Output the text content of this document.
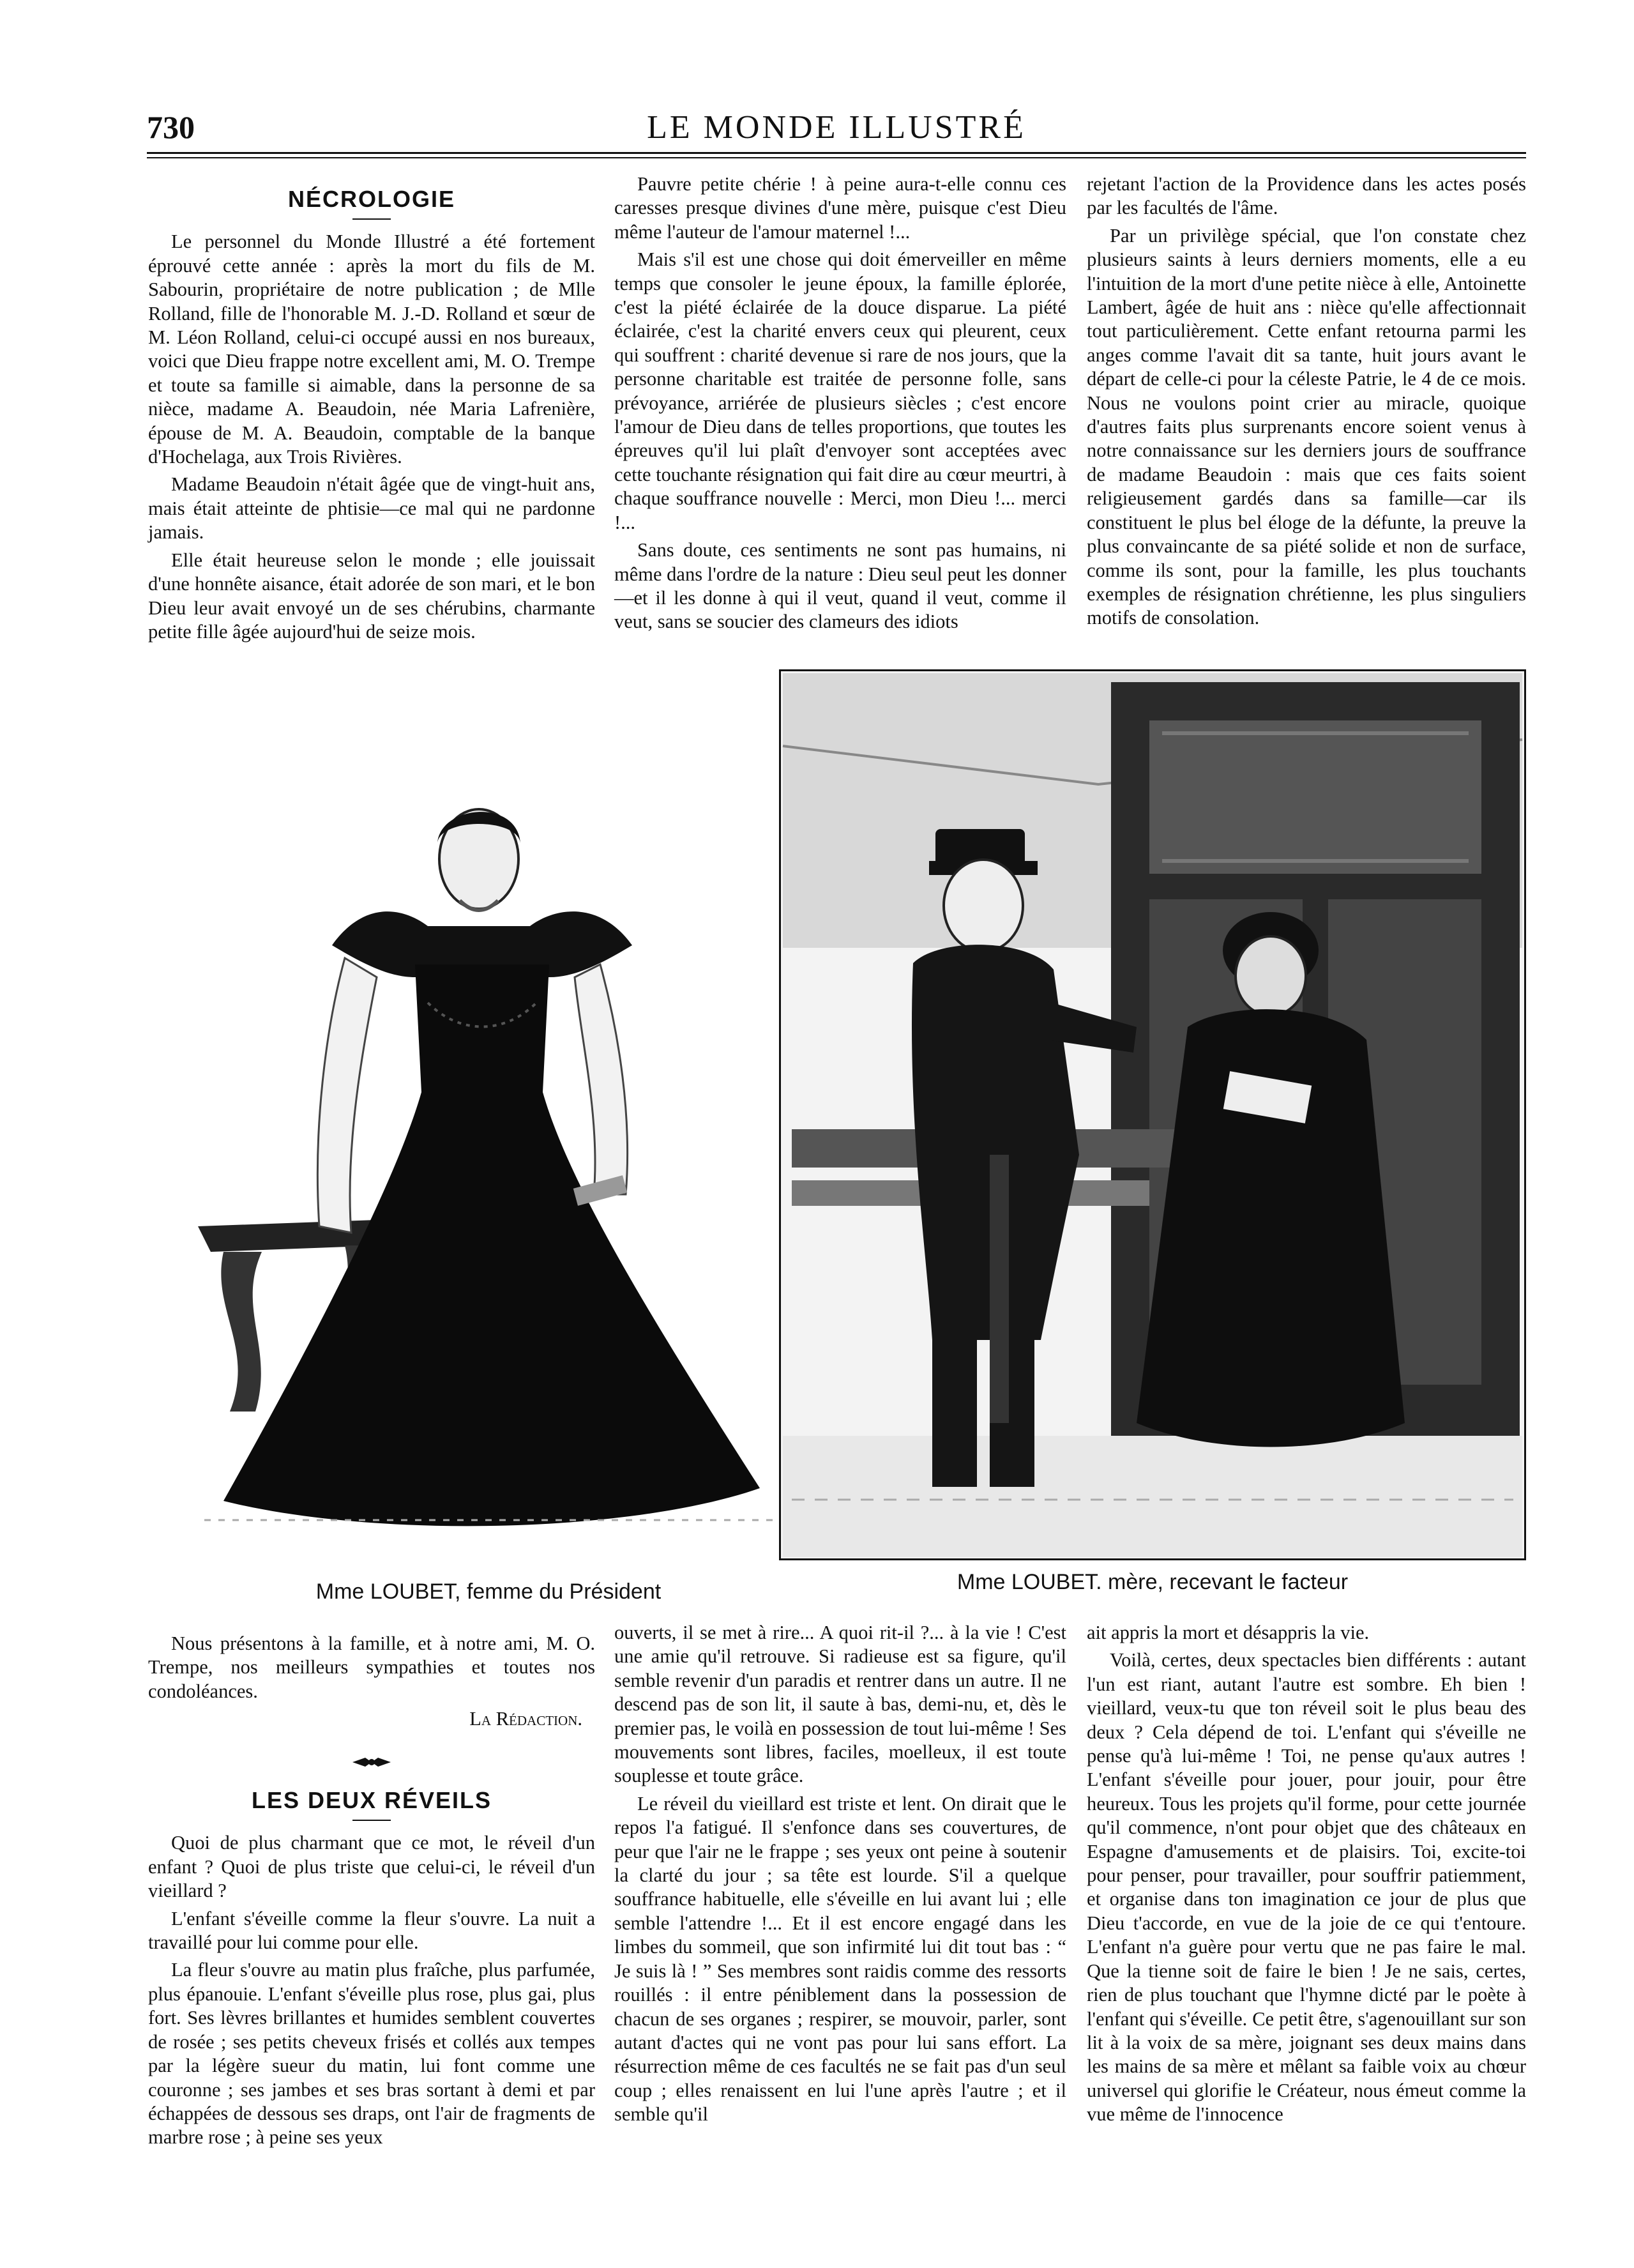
730	LE MONDE ILLUSTRÉ
NÉCROLOGIE

Le personnel du Monde Illustré a été fortement éprouvé cette année : après la mort du fils de M. Sabourin, propriétaire de notre publication ; de Mlle Rolland, fille de l'honorable M. J.-D. Rolland et sœur de M. Léon Rolland, celui-ci occupé aussi en nos bureaux, voici que Dieu frappe notre excellent ami, M. O. Trempe et toute sa famille si aimable, dans la personne de sa nièce, madame A. Beaudoin, née Maria Lafrenière, épouse de M. A. Beaudoin, comptable de la banque d'Hochelaga, aux Trois Rivières.

Madame Beaudoin n'était âgée que de vingt-huit ans, mais était atteinte de phtisie—ce mal qui ne pardonne jamais.

Elle était heureuse selon le monde ; elle jouissait d'une honnête aisance, était adorée de son mari, et le bon Dieu leur avait envoyé un de ses chérubins, charmante petite fille âgée aujourd'hui de seize mois.

Pauvre petite chérie ! à peine aura-t-elle connu ces caresses presque divines d'une mère, puisque c'est Dieu même l'auteur de l'amour maternel !...

Mais s'il est une chose qui doit émerveiller en même temps que consoler le jeune époux, la famille éplorée, c'est la piété éclairée de la douce disparue. La piété éclairée, c'est la charité envers ceux qui pleurent, ceux qui souffrent : charité devenue si rare de nos jours, que la personne charitable est traitée de personne folle, sans prévoyance, arriérée de plusieurs siècles ; c'est encore l'amour de Dieu dans de telles proportions, que toutes les épreuves qu'il lui plaît d'envoyer sont acceptées avec cette touchante résignation qui fait dire au cœur meurtri, à chaque souffrance nouvelle : Merci, mon Dieu !... merci !...

Sans doute, ces sentiments ne sont pas humains, ni même dans l'ordre de la nature : Dieu seul peut les donner—et il les donne à qui il veut, quand il veut, comme il veut, sans se soucier des clameurs des idiots

rejetant l'action de la Providence dans les actes posés par les facultés de l'âme.

Par un privilège spécial, que l'on constate chez plusieurs saints à leurs derniers moments, elle a eu l'intuition de la mort d'une petite nièce à elle, Antoinette Lambert, âgée de huit ans : nièce qu'elle affectionnait tout particulièrement. Cette enfant retourna parmi les anges comme l'avait dit sa tante, huit jours avant le départ de celle-ci pour la céleste Patrie, le 4 de ce mois. Nous ne voulons point crier au miracle, quoique d'autres faits plus surprenants encore soient venus à notre connaissance sur les derniers jours de souffrance de madame Beaudoin : mais que ces faits soient religieusement gardés dans sa famille—car ils constituent le plus bel éloge de la défunte, la preuve la plus convaincante de sa piété solide et non de surface, comme ils sont, pour la famille, les plus touchants exemples de résignation chrétienne, les plus singuliers motifs de consolation.

Mme LOUBET, femme du Président	Mme LOUBET. mère, recevant le facteur

Nous présentons à la famille, et à notre ami, M. O. Trempe, nos meilleurs sympathies et toutes nos condoléances.

La Rédaction.

LES DEUX RÉVEILS

Quoi de plus charmant que ce mot, le réveil d'un enfant ? Quoi de plus triste que celui-ci, le réveil d'un vieillard ?

L'enfant s'éveille comme la fleur s'ouvre. La nuit a travaillé pour lui comme pour elle.

La fleur s'ouvre au matin plus fraîche, plus parfumée, plus épanouie. L'enfant s'éveille plus rose, plus gai, plus fort. Ses lèvres brillantes et humides semblent couvertes de rosée ; ses petits cheveux frisés et collés aux tempes par la légère sueur du matin, lui font comme une couronne ; ses jambes et ses bras sortant à demi et par échappées de dessous ses draps, ont l'air de fragments de marbre rose ; à peine ses yeux

ouverts, il se met à rire... A quoi rit-il ?... à la vie ! C'est une amie qu'il retrouve. Si radieuse est sa figure, qu'il semble revenir d'un paradis et rentrer dans un autre. Il ne descend pas de son lit, il saute à bas, demi-nu, et, dès le premier pas, le voilà en possession de tout lui-même ! Ses mouvements sont libres, faciles, moelleux, il est toute souplesse et toute grâce.

Le réveil du vieillard est triste et lent. On dirait que le repos l'a fatigué. Il s'enfonce dans ses couvertures, de peur que l'air ne le frappe ; ses yeux ont peine à soutenir la clarté du jour ; sa tête est lourde. S'il a quelque souffrance habituelle, elle s'éveille en lui avant lui ; elle semble l'attendre !... Et il est encore engagé dans les limbes du sommeil, que son infirmité lui dit tout bas : “ Je suis là ! ” Ses membres sont raidis comme des ressorts rouillés : il entre péniblement dans la possession de chacun de ses organes ; respirer, se mouvoir, parler, sont autant d'actes qui ne vont pas pour lui sans effort. La résurrection même de ces facultés ne se fait pas d'un seul coup ; elles renaissent en lui l'une après l'autre ; et il semble qu'il

ait appris la mort et désappris la vie.

Voilà, certes, deux spectacles bien différents : autant l'un est riant, autant l'autre est sombre. Eh bien ! vieillard, veux-tu que ton réveil soit le plus beau des deux ? Cela dépend de toi. L'enfant qui s'éveille ne pense qu'à lui-même ! Toi, ne pense qu'aux autres ! L'enfant s'éveille pour jouer, pour jouir, pour être heureux. Tous les projets qu'il forme, pour cette journée qu'il commence, n'ont pour objet que des châteaux en Espagne d'amusements et de plaisirs. Toi, excite-toi pour penser, pour travailler, pour souffrir patiemment, et organise dans ton imagination ce jour de plus que Dieu t'accorde, en vue de la joie de ce qui t'entoure. L'enfant n'a guère pour vertu que ne pas faire le mal. Que la tienne soit de faire le bien ! Je ne sais, certes, rien de plus touchant que l'hymne dicté par le poète à l'enfant qui s'éveille. Ce petit être, s'agenouillant sur son lit à la voix de sa mère, joignant ses deux mains dans les mains de sa mère et mêlant sa faible voix au chœur universel qui glorifie le Créateur, nous émeut comme la vue même de l'innocence
